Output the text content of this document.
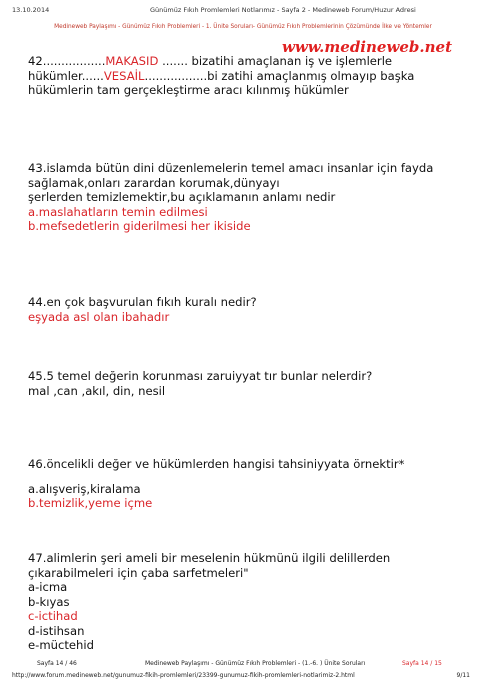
13.10.2014	Günümüz Fıkıh Promlemleri Notlarımız - Sayfa 2 - Medineweb Forum/Huzur Adresi
Medineweb Paylaşımı - Günümüz Fıkıh Problemleri - 1. Ünite Soruları- Günümüz Fıkıh Problemlerinin Çözümünde İlke ve Yöntemler
www.medineweb.net
42.................MAKASID ....... bizatihi amaçlanan iş ve işlemlerle
hükümler......VESAİL.................bi zatihi amaçlanmış olmayıp başka
hükümlerin tam gerçekleştirme aracı kılınmış hükümler
43.islamda bütün dini düzenlemelerin temel amacı insanlar için fayda
sağlamak,onları zarardan korumak,dünyayı
şerlerden temizlemektir,bu açıklamanın anlamı nedir
a.maslahatların temin edilmesi
b.mefsedetlerin giderilmesi her ikiside
44.en çok başvurulan fıkıh kuralı nedir?
eşyada asl olan ibahadır
45.5 temel değerin korunması zaruiyyat tır bunlar nelerdir?
mal ,can ,akıl, din, nesil
46.öncelikli değer ve hükümlerden hangisi tahsiniyyata örnektir*
a.alışveriş,kiralama
b.temizlik,yeme içme
47.alimlerin şeri ameli bir meselenin hükmünü ilgili delillerden
çıkarabilmeleri için çaba sarfetmeleri"
a-icma
b-kıyas
c-ictihad
d-istihsan
e-müctehid
Sayfa 14 / 46	Medineweb Paylaşımı - Günümüz Fıkıh Problemleri - (1.-6. ) Ünite Soruları	Sayfa 14 / 15
http://www.forum.medineweb.net/gunumuz-fikih-promlemleri/23399-gunumuz-fikih-promlemleri-notlarimiz-2.html	9/11
